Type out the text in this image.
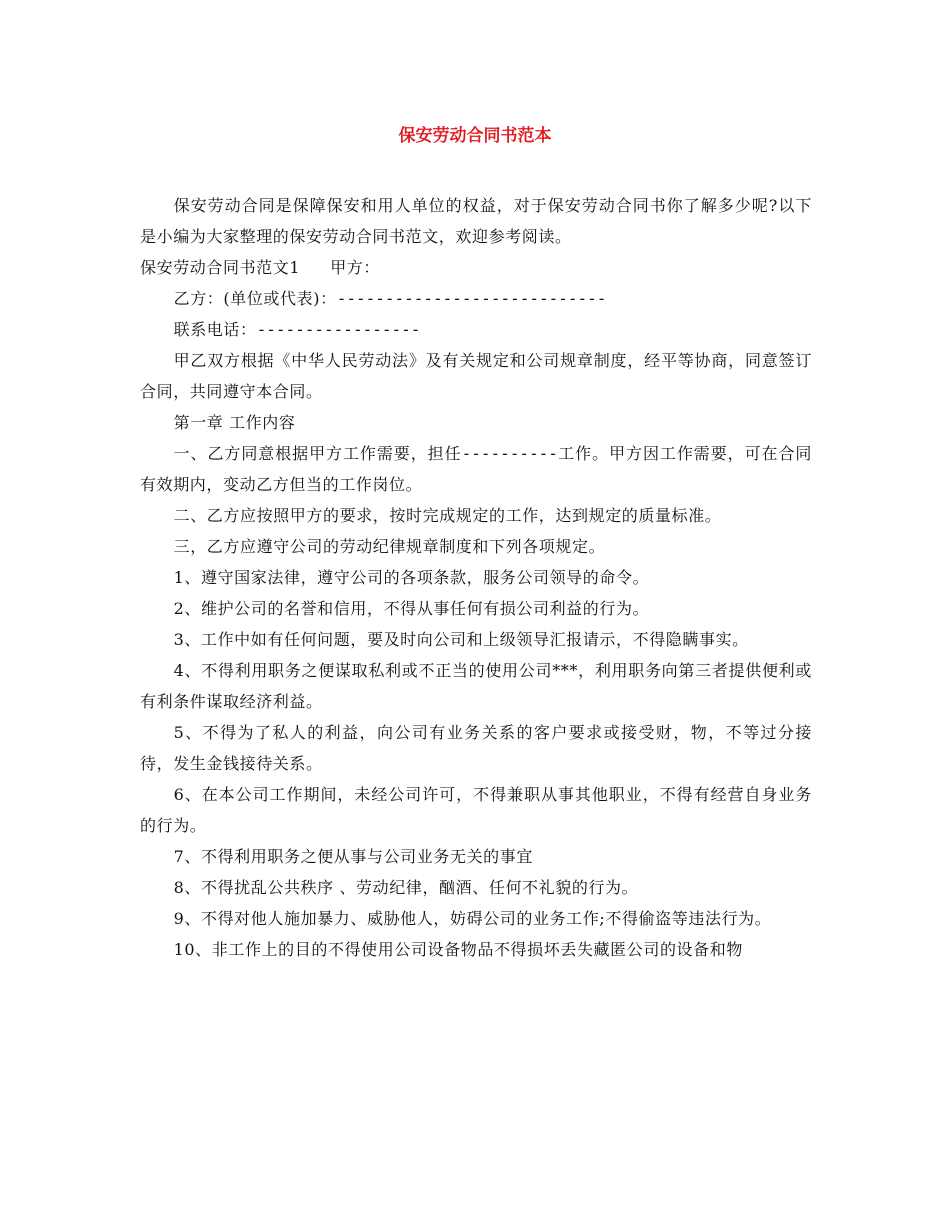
保安劳动合同书范本

保安劳动合同是保障保安和用人单位的权益，对于保安劳动合同书你了解多少呢?以下是小编为大家整理的保安劳动合同书范文，欢迎参考阅读。

保安劳动合同书范文1 甲方：

乙方：(单位或代表)：----------------------------

联系电话：-----------------

甲乙双方根据《中华人民劳动法》及有关规定和公司规章制度，经平等协商，同意签订合同，共同遵守本合同。

第一章 工作内容

一、乙方同意根据甲方工作需要，担任----------工作。甲方因工作需要，可在合同有效期内，变动乙方但当的工作岗位。

二、乙方应按照甲方的要求，按时完成规定的工作，达到规定的质量标准。

三，乙方应遵守公司的劳动纪律规章制度和下列各项规定。

1、遵守国家法律，遵守公司的各项条款，服务公司领导的命令。

2、维护公司的名誉和信用，不得从事任何有损公司利益的行为。

3、工作中如有任何问题，要及时向公司和上级领导汇报请示，不得隐瞒事实。

4、不得利用职务之便谋取私利或不正当的使用公司***，利用职务向第三者提供便利或有利条件谋取经济利益。

5、不得为了私人的利益，向公司有业务关系的客户要求或接受财，物，不等过分接待，发生金钱接待关系。

6、在本公司工作期间，未经公司许可，不得兼职从事其他职业，不得有经营自身业务的行为。

7、不得利用职务之便从事与公司业务无关的事宜

8、不得扰乱公共秩序 、劳动纪律，酗酒、任何不礼貌的行为。

9、不得对他人施加暴力、威胁他人，妨碍公司的业务工作;不得偷盗等违法行为。

10、非工作上的目的不得使用公司设备物品不得损坏丢失藏匿公司的设备和物
